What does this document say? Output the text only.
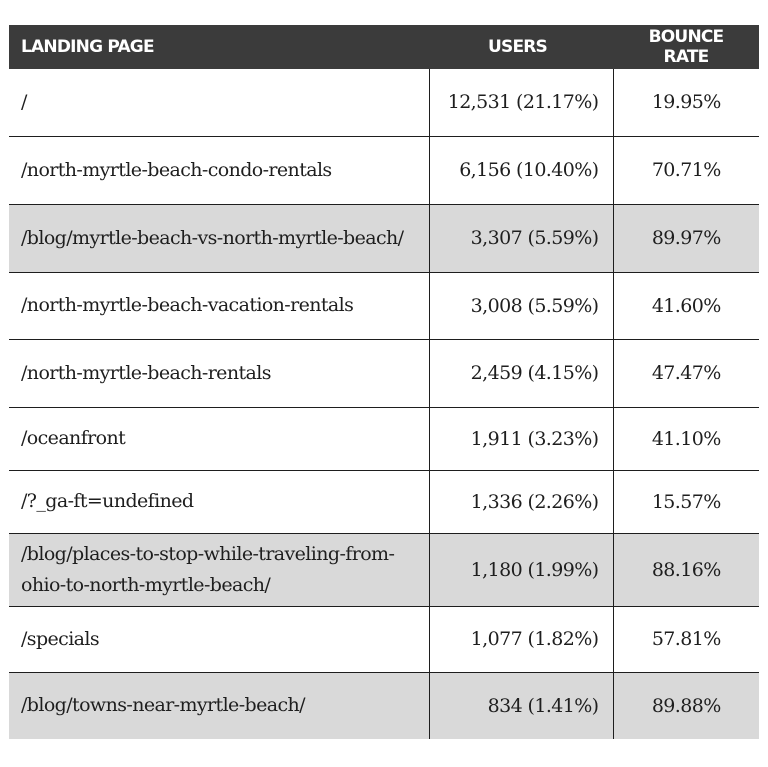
LANDING PAGE	USERS	BOUNCE RATE
/	12,531 (21.17%)	19.95%
/north-myrtle-beach-condo-rentals	6,156 (10.40%)	70.71%
/blog/myrtle-beach-vs-north-myrtle-beach/	3,307 (5.59%)	89.97%
/north-myrtle-beach-vacation-rentals	3,008 (5.59%)	41.60%
/north-myrtle-beach-rentals	2,459 (4.15%)	47.47%
/oceanfront	1,911 (3.23%)	41.10%
/?_ga-ft=undefined	1,336 (2.26%)	15.57%
/blog/places-to-stop-while-traveling-from-ohio-to-north-myrtle-beach/	1,180 (1.99%)	88.16%
/specials	1,077 (1.82%)	57.81%
/blog/towns-near-myrtle-beach/	834 (1.41%)	89.88%
